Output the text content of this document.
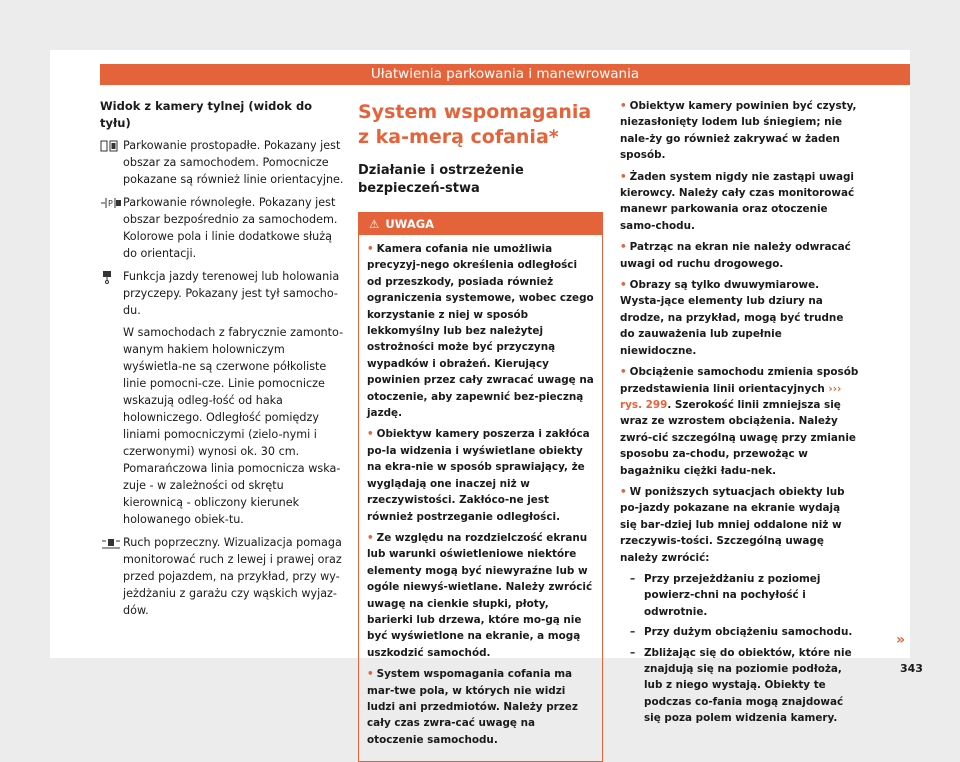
Ułatwienia parkowania i manewrowania
Widok z kamery tylnej (widok do tyłu)

Parkowanie prostopadłe. Pokazany jest obszar za samochodem. Pomocnicze pokazane są również linie orientacyjne.

P Parkowanie równoległe. Pokazany jest obszar bezpośrednio za samochodem. Kolorowe pola i linie dodatkowe służą do orientacji.

Funkcja jazdy terenowej lub holowania przyczepy. Pokazany jest tył samocho-du.

W samochodach z fabrycznie zamonto-wanym hakiem holowniczym wyświetla-ne są czerwone półkoliste linie pomocni-cze. Linie pomocnicze wskazują odleg-łość od haka holowniczego. Odległość pomiędzy liniami pomocniczymi (zielo-nymi i czerwonymi) wynosi ok. 30 cm. Pomarańczowa linia pomocnicza wska-zuje - w zależności od skrętu kierownicą - obliczony kierunek holowanego obiek-tu.

Ruch poprzeczny. Wizualizacja pomaga monitorować ruch z lewej i prawej oraz przed pojazdem, na przykład, przy wy-jeżdżaniu z garażu czy wąskich wyjaz-dów.

System wspomagania z ka-merą cofania*
Działanie i ostrzeżenie bezpieczeń-stwa
⚠ UWAGA

• Kamera cofania nie umożliwia precyzyj-nego określenia odległości od przeszkody, posiada również ograniczenia systemowe, wobec czego korzystanie z niej w sposób lekkomyślny lub bez należytej ostrożności może być przyczyną wypadków i obrażeń. Kierujący powinien przez cały zwracać uwagę na otoczenie, aby zapewnić bez-pieczną jazdę.

• Obiektyw kamery poszerza i zakłóca po-la widzenia i wyświetlane obiekty na ekra-nie w sposób sprawiający, że wyglądają one inaczej niż w rzeczywistości. Zakłóco-ne jest również postrzeganie odległości.

• Ze względu na rozdzielczość ekranu lub warunki oświetleniowe niektóre elementy mogą być niewyraźne lub w ogóle niewyś-wietlane. Należy zwrócić uwagę na cienkie słupki, płoty, barierki lub drzewa, które mo-gą nie być wyświetlone na ekranie, a mogą uszkodzić samochód.

• System wspomagania cofania ma mar-twe pola, w których nie widzi ludzi ani przedmiotów. Należy przez cały czas zwra-cać uwagę na otoczenie samochodu.

• Obiektyw kamery powinien być czysty, niezasłonięty lodem lub śniegiem; nie nale-ży go również zakrywać w żaden sposób.

• Żaden system nigdy nie zastąpi uwagi kierowcy. Należy cały czas monitorować manewr parkowania oraz otoczenie samo-chodu.

• Patrząc na ekran nie należy odwracać uwagi od ruchu drogowego.

• Obrazy są tylko dwuwymiarowe. Wysta-jące elementy lub dziury na drodze, na przykład, mogą być trudne do zauważenia lub zupełnie niewidoczne.

• Obciążenie samochodu zmienia sposób przedstawienia linii orientacyjnych ››› rys. 299. Szerokość linii zmniejsza się wraz ze wzrostem obciążenia. Należy zwró-cić szczególną uwagę przy zmianie sposobu za-chodu, przewożąc w bagażniku ciężki ładu-nek.

• W poniższych sytuacjach obiekty lub po-jazdy pokazane na ekranie wydają się bar-dziej lub mniej oddalone niż w rzeczywis-tości. Szczególną uwagę należy zwrócić:

– Przy przejeżdżaniu z poziomej powierz-chni na pochyłość i odwrotnie.
– Przy dużym obciążeniu samochodu.
– Zbliżając się do obiektów, które nie znajdują się na poziomie podłoża, lub z niego wystają. Obiekty te podczas co-fania mogą znajdować się poza polem widzenia kamery.
»
343
